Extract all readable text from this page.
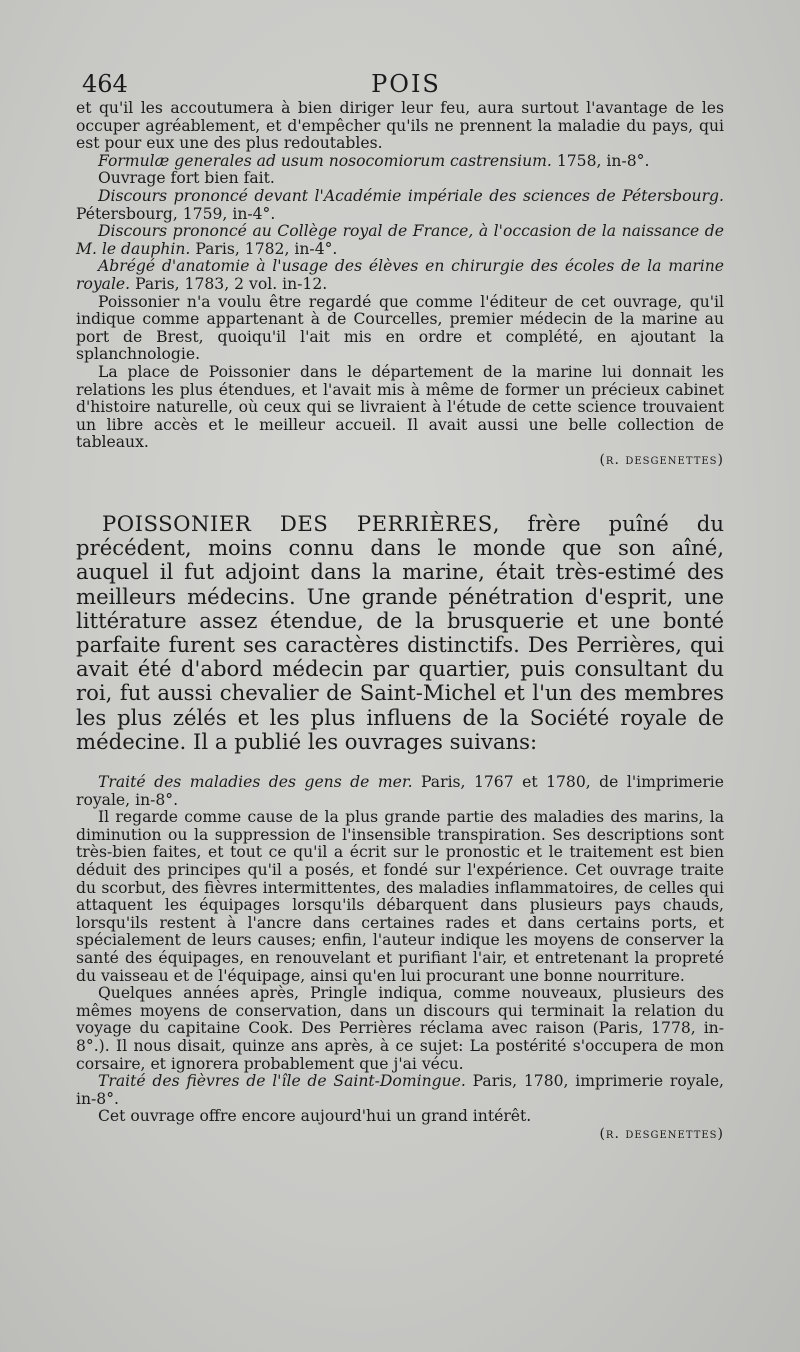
464	POIS

et qu'il les accoutumera à bien diriger leur feu, aura surtout l'avantage de les occuper agréablement, et d'empêcher qu'ils ne prennent la maladie du pays, qui est pour eux une des plus redoutables.

Formulæ generales ad usum nosocomiorum castrensium. 1758, in-8°.

Ouvrage fort bien fait.

Discours prononcé devant l'Académie impériale des sciences de Pétersbourg. Pétersbourg, 1759, in-4°.

Discours prononcé au Collège royal de France, à l'occasion de la naissance de M. le dauphin. Paris, 1782, in-4°.

Abrégé d'anatomie à l'usage des élèves en chirurgie des écoles de la marine royale. Paris, 1783, 2 vol. in-12.

Poissonier n'a voulu être regardé que comme l'éditeur de cet ouvrage, qu'il indique comme appartenant à de Courcelles, premier médecin de la marine au port de Brest, quoiqu'il l'ait mis en ordre et complété, en ajoutant la splanchnologie.

La place de Poissonier dans le département de la marine lui donnait les relations les plus étendues, et l'avait mis à même de former un précieux cabinet d'histoire naturelle, où ceux qui se livraient à l'étude de cette science trouvaient un libre accès et le meilleur accueil. Il avait aussi une belle collection de tableaux.

(r. desgenettes)

POISSONIER DES PERRIÈRES, frère puîné du précédent, moins connu dans le monde que son aîné, auquel il fut adjoint dans la marine, était très-estimé des meilleurs médecins. Une grande pénétration d'esprit, une littérature assez étendue, de la brusquerie et une bonté parfaite furent ses caractères distinctifs. Des Perrières, qui avait été d'abord médecin par quartier, puis consultant du roi, fut aussi chevalier de Saint-Michel et l'un des membres les plus zélés et les plus influens de la Société royale de médecine. Il a publié les ouvrages suivans:

Traité des maladies des gens de mer. Paris, 1767 et 1780, de l'imprimerie royale, in-8°.

Il regarde comme cause de la plus grande partie des maladies des marins, la diminution ou la suppression de l'insensible transpiration. Ses descriptions sont très-bien faites, et tout ce qu'il a écrit sur le pronostic et le traitement est bien déduit des principes qu'il a posés, et fondé sur l'expérience. Cet ouvrage traite du scorbut, des fièvres intermittentes, des maladies inflammatoires, de celles qui attaquent les équipages lorsqu'ils débarquent dans plusieurs pays chauds, lorsqu'ils restent à l'ancre dans certaines rades et dans certains ports, et spécialement de leurs causes; enfin, l'auteur indique les moyens de conserver la santé des équipages, en renouvelant et purifiant l'air, et entretenant la propreté du vaisseau et de l'équipage, ainsi qu'en lui procurant une bonne nourriture.

Quelques années après, Pringle indiqua, comme nouveaux, plusieurs des mêmes moyens de conservation, dans un discours qui terminait la relation du voyage du capitaine Cook. Des Perrières réclama avec raison (Paris, 1778, in-8°.). Il nous disait, quinze ans après, à ce sujet: La postérité s'occupera de mon corsaire, et ignorera probablement que j'ai vécu.

Traité des fièvres de l'île de Saint-Domingue. Paris, 1780, imprimerie royale, in-8°.

Cet ouvrage offre encore aujourd'hui un grand intérêt.

(r. desgenettes)
